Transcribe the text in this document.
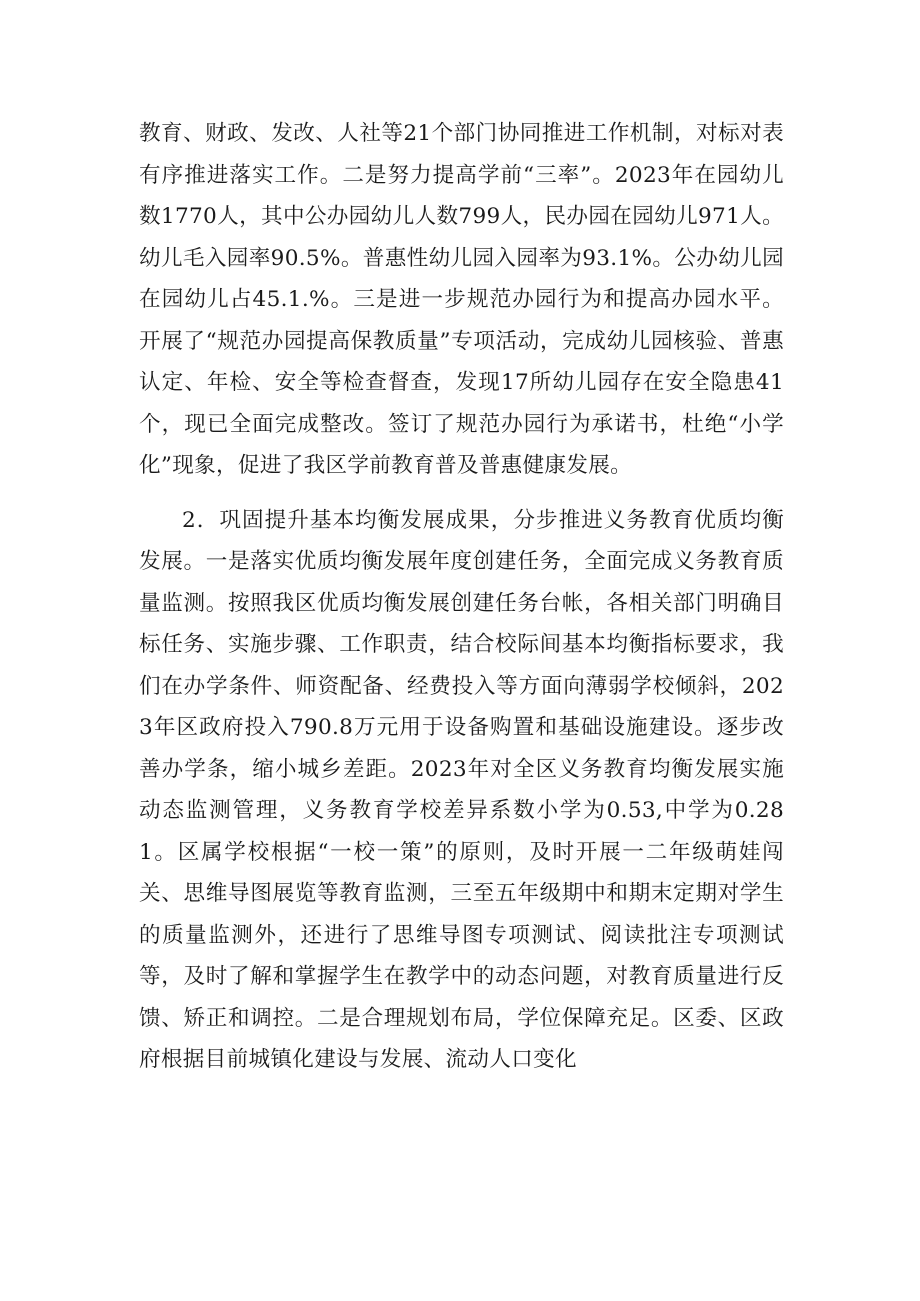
教育、财政、发改、人社等21个部门协同推进工作机制，对标对表有序推进落实工作。二是努力提高学前“三率”。2023年在园幼儿数1770人，其中公办园幼儿人数799人，民办园在园幼儿971人。幼儿毛入园率90.5%。普惠性幼儿园入园率为93.1%。公办幼儿园在园幼儿占45.1.%。三是进一步规范办园行为和提高办园水平。开展了“规范办园提高保教质量”专项活动，完成幼儿园核验、普惠认定、年检、安全等检查督查，发现17所幼儿园存在安全隐患41个，现已全面完成整改。签订了规范办园行为承诺书，杜绝“小学化”现象，促进了我区学前教育普及普惠健康发展。

2．巩固提升基本均衡发展成果，分步推进义务教育优质均衡发展。一是落实优质均衡发展年度创建任务，全面完成义务教育质量监测。按照我区优质均衡发展创建任务台帐，各相关部门明确目标任务、实施步骤、工作职责，结合校际间基本均衡指标要求，我们在办学条件、师资配备、经费投入等方面向薄弱学校倾斜，2023年区政府投入790.8万元用于设备购置和基础设施建设。逐步改善办学条，缩小城乡差距。2023年对全区义务教育均衡发展实施动态监测管理，义务教育学校差异系数小学为0.53,中学为0.281。区属学校根据“一校一策”的原则，及时开展一二年级萌娃闯关、思维导图展览等教育监测，三至五年级期中和期末定期对学生的质量监测外，还进行了思维导图专项测试、阅读批注专项测试等，及时了解和掌握学生在教学中的动态问题，对教育质量进行反馈、矫正和调控。二是合理规划布局，学位保障充足。区委、区政府根据目前城镇化建设与发展、流动人口变化
